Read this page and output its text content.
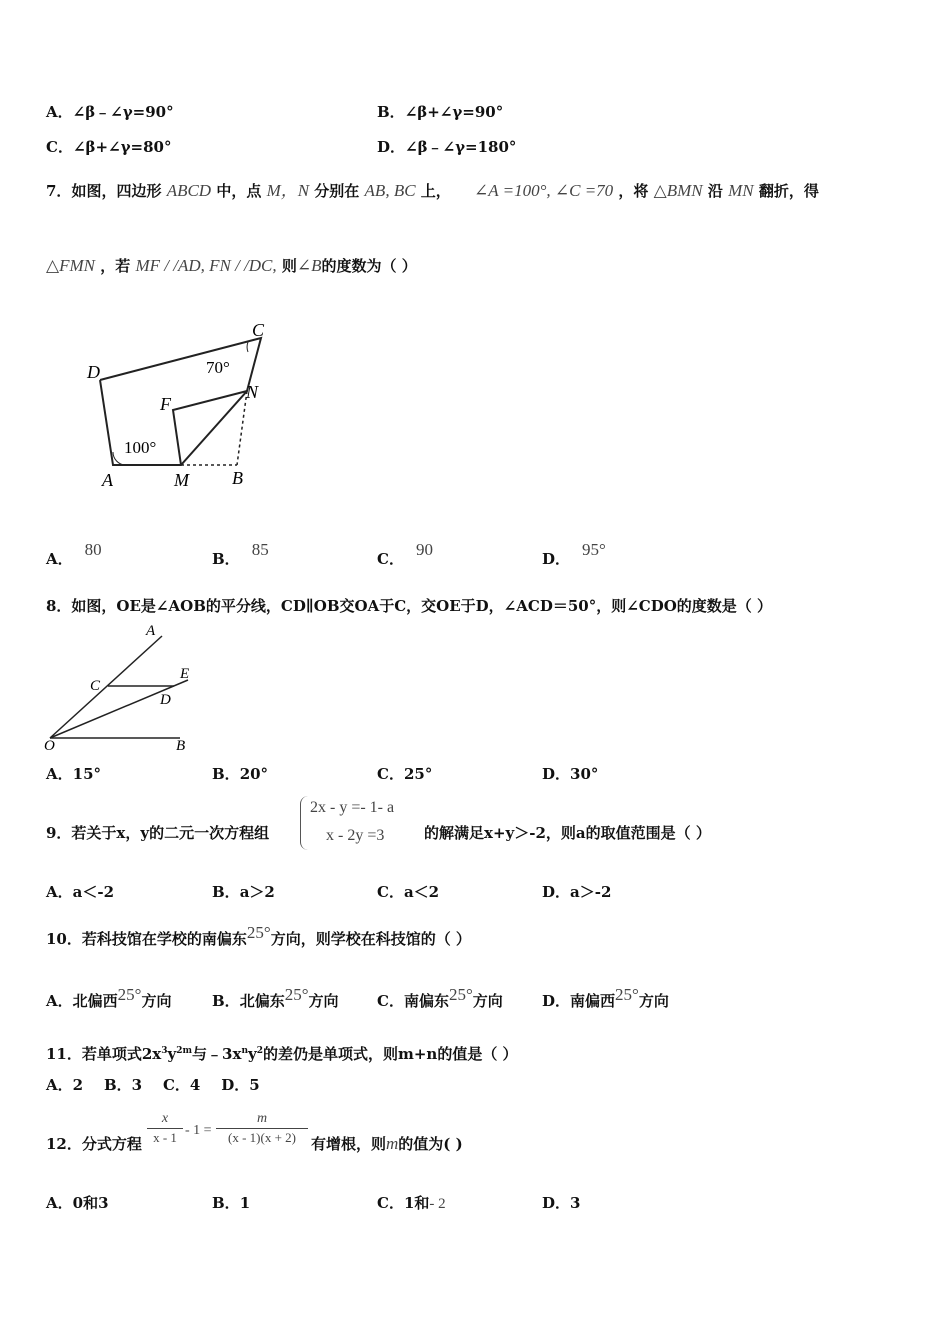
A．∠β﹣∠γ=90°	B．∠β+∠γ=90°
C．∠β+∠γ=80°	D．∠β﹣∠γ=180°
7．如图，四边形 ABCD 中，点 M，N 分别在 AB, BC 上， ∠A =100°, ∠C =70 ，将 △BMN 沿 MN 翻折，得
△FMN ，若 MF / /AD, FN / /DC, 则∠B的度数为（ ）
C
D
F
N
A	M B
70°
100°
A． 80	B． 85	C． 90	D． 95°
8．如图，OE是∠AOB的平分线，CD∥OB交OA于C，交OE于D，∠ACD＝50°，则∠CDO的度数是（ ）
A
E
C
D
O	B
A．15°	B．20°	C．25°	D．30°
9．若关于x，y的二元一次方程组
2x - y =- 1- a
x - 2y =3	的解满足x+y＞-2，则a的取值范围是（ ）
A．a＜-2	B．a＞2	C．a＜2	D．a＞-2
10．若科技馆在学校的南偏东25°方向，则学校在科技馆的（ ）
A．北偏西25°方向	B．北偏东25°方向	C．南偏东25°方向	D．南偏西25°方向
11．若单项式$2x^3y^{2m}$与$﹣3x^ny^2$的差仍是单项式，则m+n的值是（ ）
A．2    B．3    C．4    D．5
12．分式方程
x
x - 1 - 1 =
m
(x - 1)(x + 2)	有增根，则m的值为( )
A．0和3	B．1	C．1和- 2	D．3
